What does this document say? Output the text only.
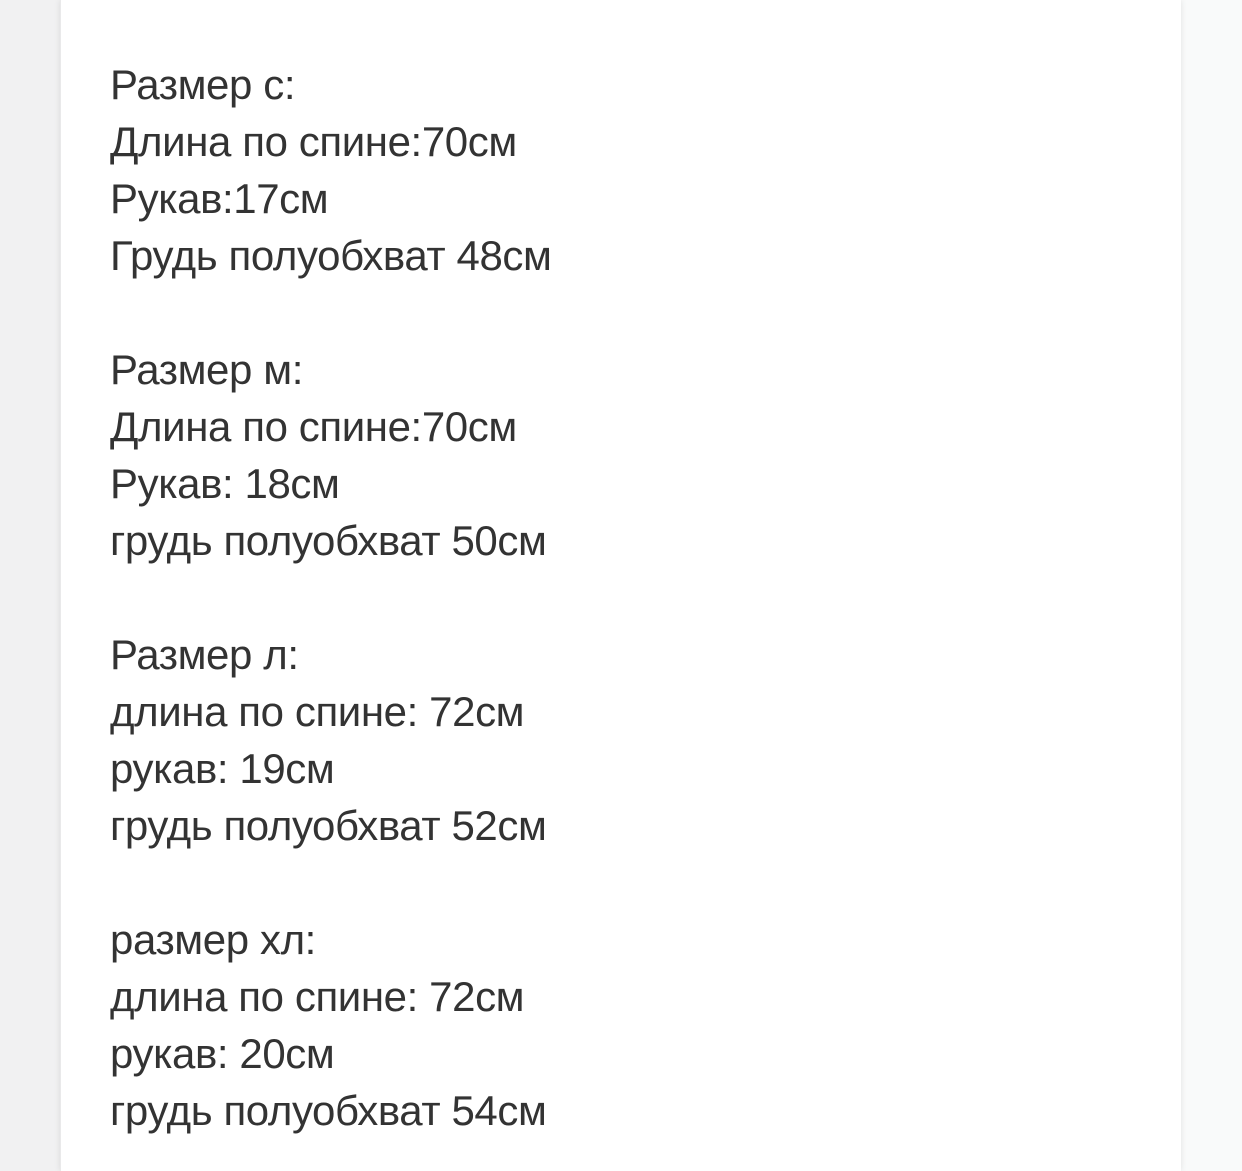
Размер с:
Длина по спине:70см
Рукав:17см
Грудь полуобхват 48см
Размер м:
Длина по спине:70см
Рукав: 18см
грудь полуобхват 50см
Размер л:
длина по спине: 72см
рукав: 19см
грудь полуобхват 52см
размер хл:
длина по спине: 72см
рукав: 20см
грудь полуобхват 54см
